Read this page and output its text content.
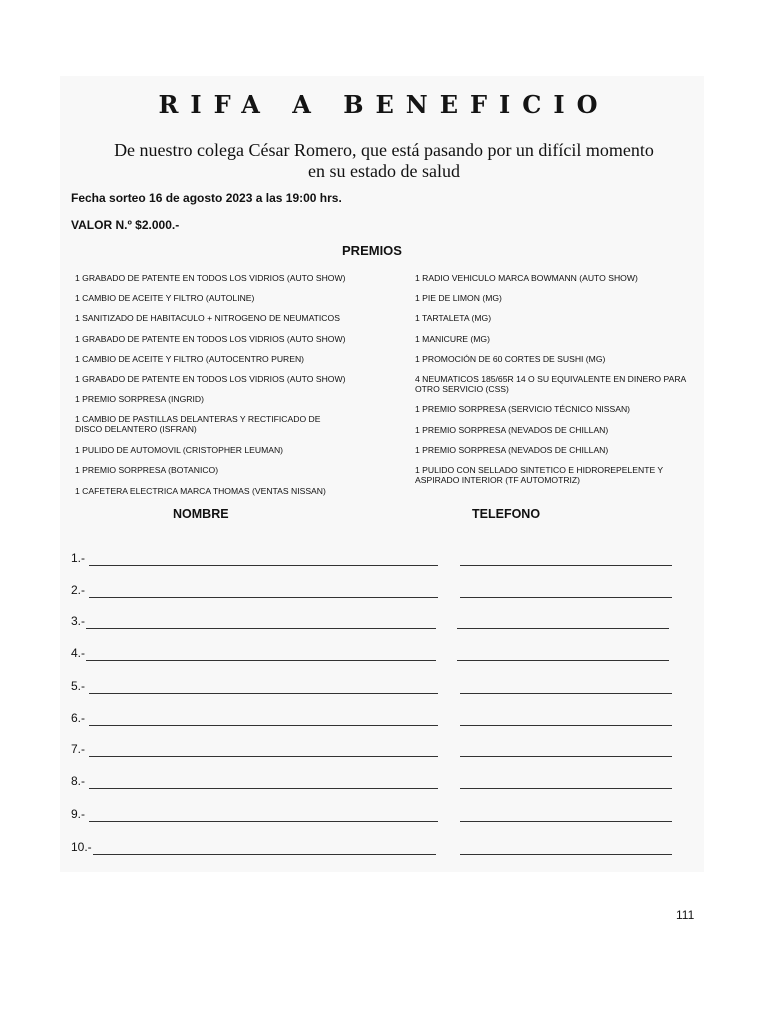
RIFA A BENEFICIO
De nuestro colega César Romero, que está pasando por un difícil momento
en su estado de salud
Fecha sorteo 16 de agosto 2023 a las 19:00 hrs.
VALOR N.º $2.000.-
PREMIOS
1 GRABADO DE PATENTE EN TODOS LOS VIDRIOS (AUTO SHOW)
1 CAMBIO DE ACEITE Y FILTRO (AUTOLINE)
1 SANITIZADO DE HABITACULO + NITROGENO DE NEUMATICOS
1 GRABADO DE PATENTE EN TODOS LOS VIDRIOS (AUTO SHOW)
1 CAMBIO DE ACEITE Y FILTRO (AUTOCENTRO PUREN)
1 GRABADO DE PATENTE EN TODOS LOS VIDRIOS (AUTO SHOW)
1 PREMIO SORPRESA (INGRID)
1 CAMBIO DE PASTILLAS DELANTERAS Y RECTIFICADO DE DISCO DELANTERO (ISFRAN)
1 PULIDO DE AUTOMOVIL (CRISTOPHER LEUMAN)
1 PREMIO SORPRESA (BOTANICO)
1 CAFETERA ELECTRICA MARCA THOMAS (VENTAS NISSAN)
1 RADIO VEHICULO MARCA BOWMANN (AUTO SHOW)
1 PIE DE LIMON (MG)
1 TARTALETA (MG)
1 MANICURE (MG)
1 PROMOCIÓN DE 60 CORTES DE SUSHI (MG)
4 NEUMATICOS 185/65R 14 O SU EQUIVALENTE EN DINERO PARA OTRO SERVICIO (CSS)
1 PREMIO SORPRESA (SERVICIO TÉCNICO NISSAN)
1 PREMIO SORPRESA (NEVADOS DE CHILLAN)
1 PREMIO SORPRESA (NEVADOS DE CHILLAN)
1 PULIDO CON SELLADO SINTETICO E HIDROREPELENTE Y ASPIRADO INTERIOR (TF AUTOMOTRIZ)
NOMBRE	TELEFONO
1.-
2.-
3.-
4.-
5.-
6.-
7.-
8.-
9.-
10.-
111
